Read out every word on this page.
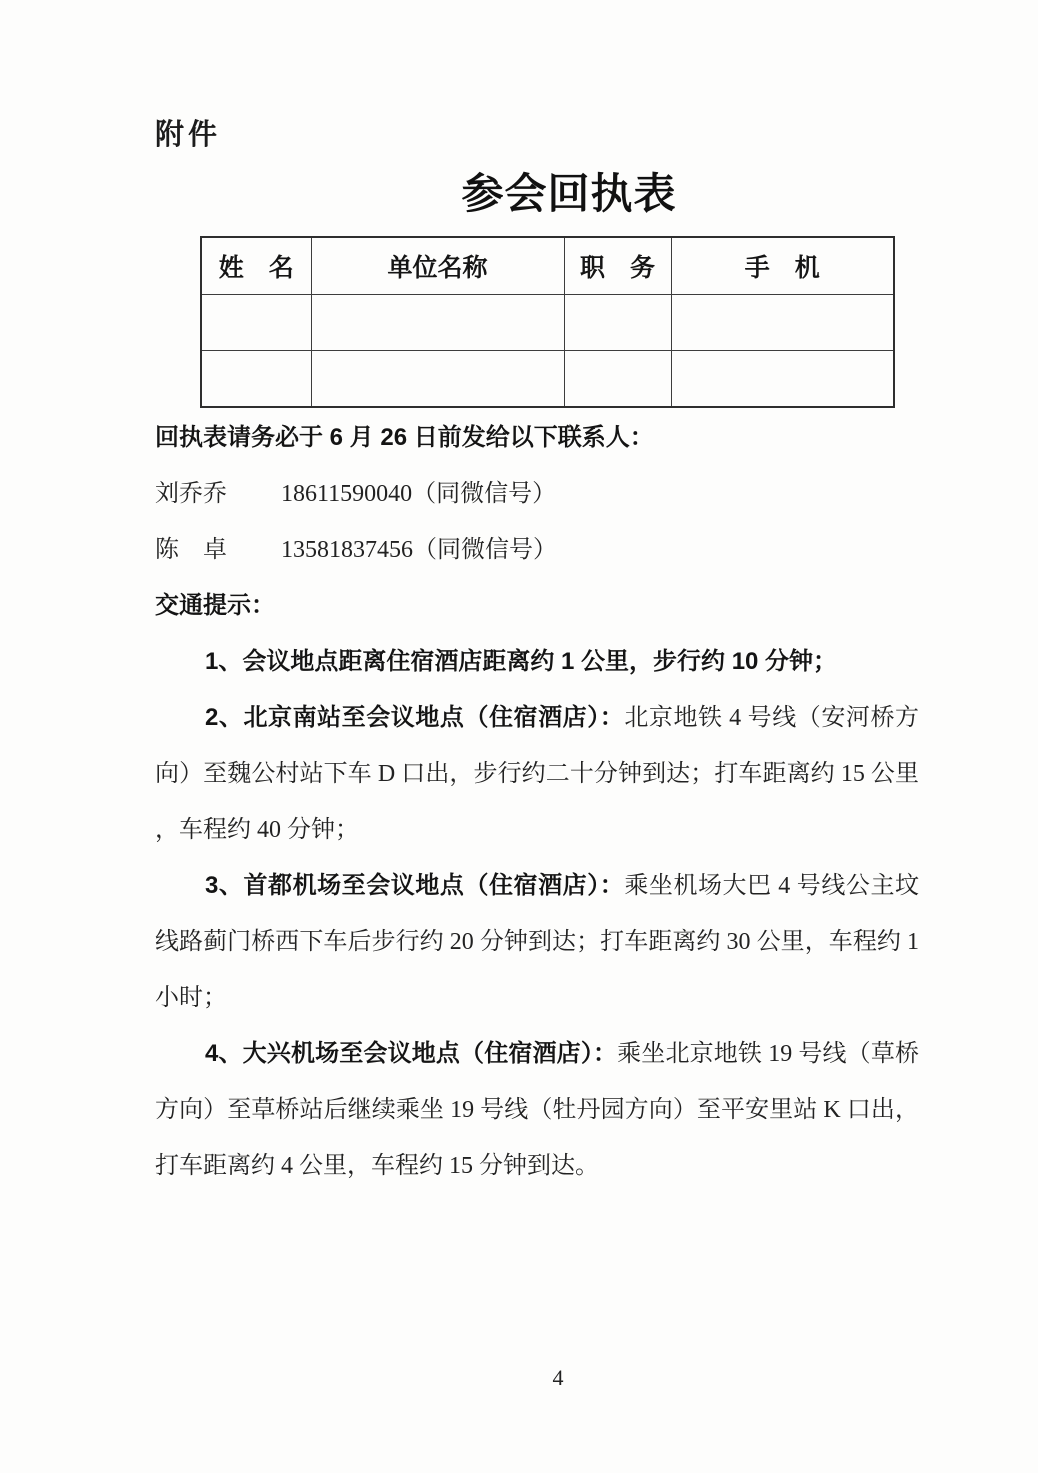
附件
参会回执表
姓　名	单位名称	职　务	手　机

回执表请务必于 6 月 26 日前发给以下联系人：

刘乔乔 18611590040（同微信号）

陈　卓 13581837456（同微信号）

交通提示：

1、会议地点距离住宿酒店距离约 1 公里，步行约 10 分钟；

2、北京南站至会议地点（住宿酒店）：北京地铁 4 号线（安河桥方向）至魏公村站下车 D 口出，步行约二十分钟到达；打车距离约 15 公里，车程约 40 分钟；

3、首都机场至会议地点（住宿酒店）：乘坐机场大巴 4 号线公主坟线路蓟门桥西下车后步行约 20 分钟到达；打车距离约 30 公里，车程约 1 小时；

4、大兴机场至会议地点（住宿酒店）：乘坐北京地铁 19 号线（草桥方向）至草桥站后继续乘坐 19 号线（牡丹园方向）至平安里站 K 口出，打车距离约 4 公里，车程约 15 分钟到达。

4
